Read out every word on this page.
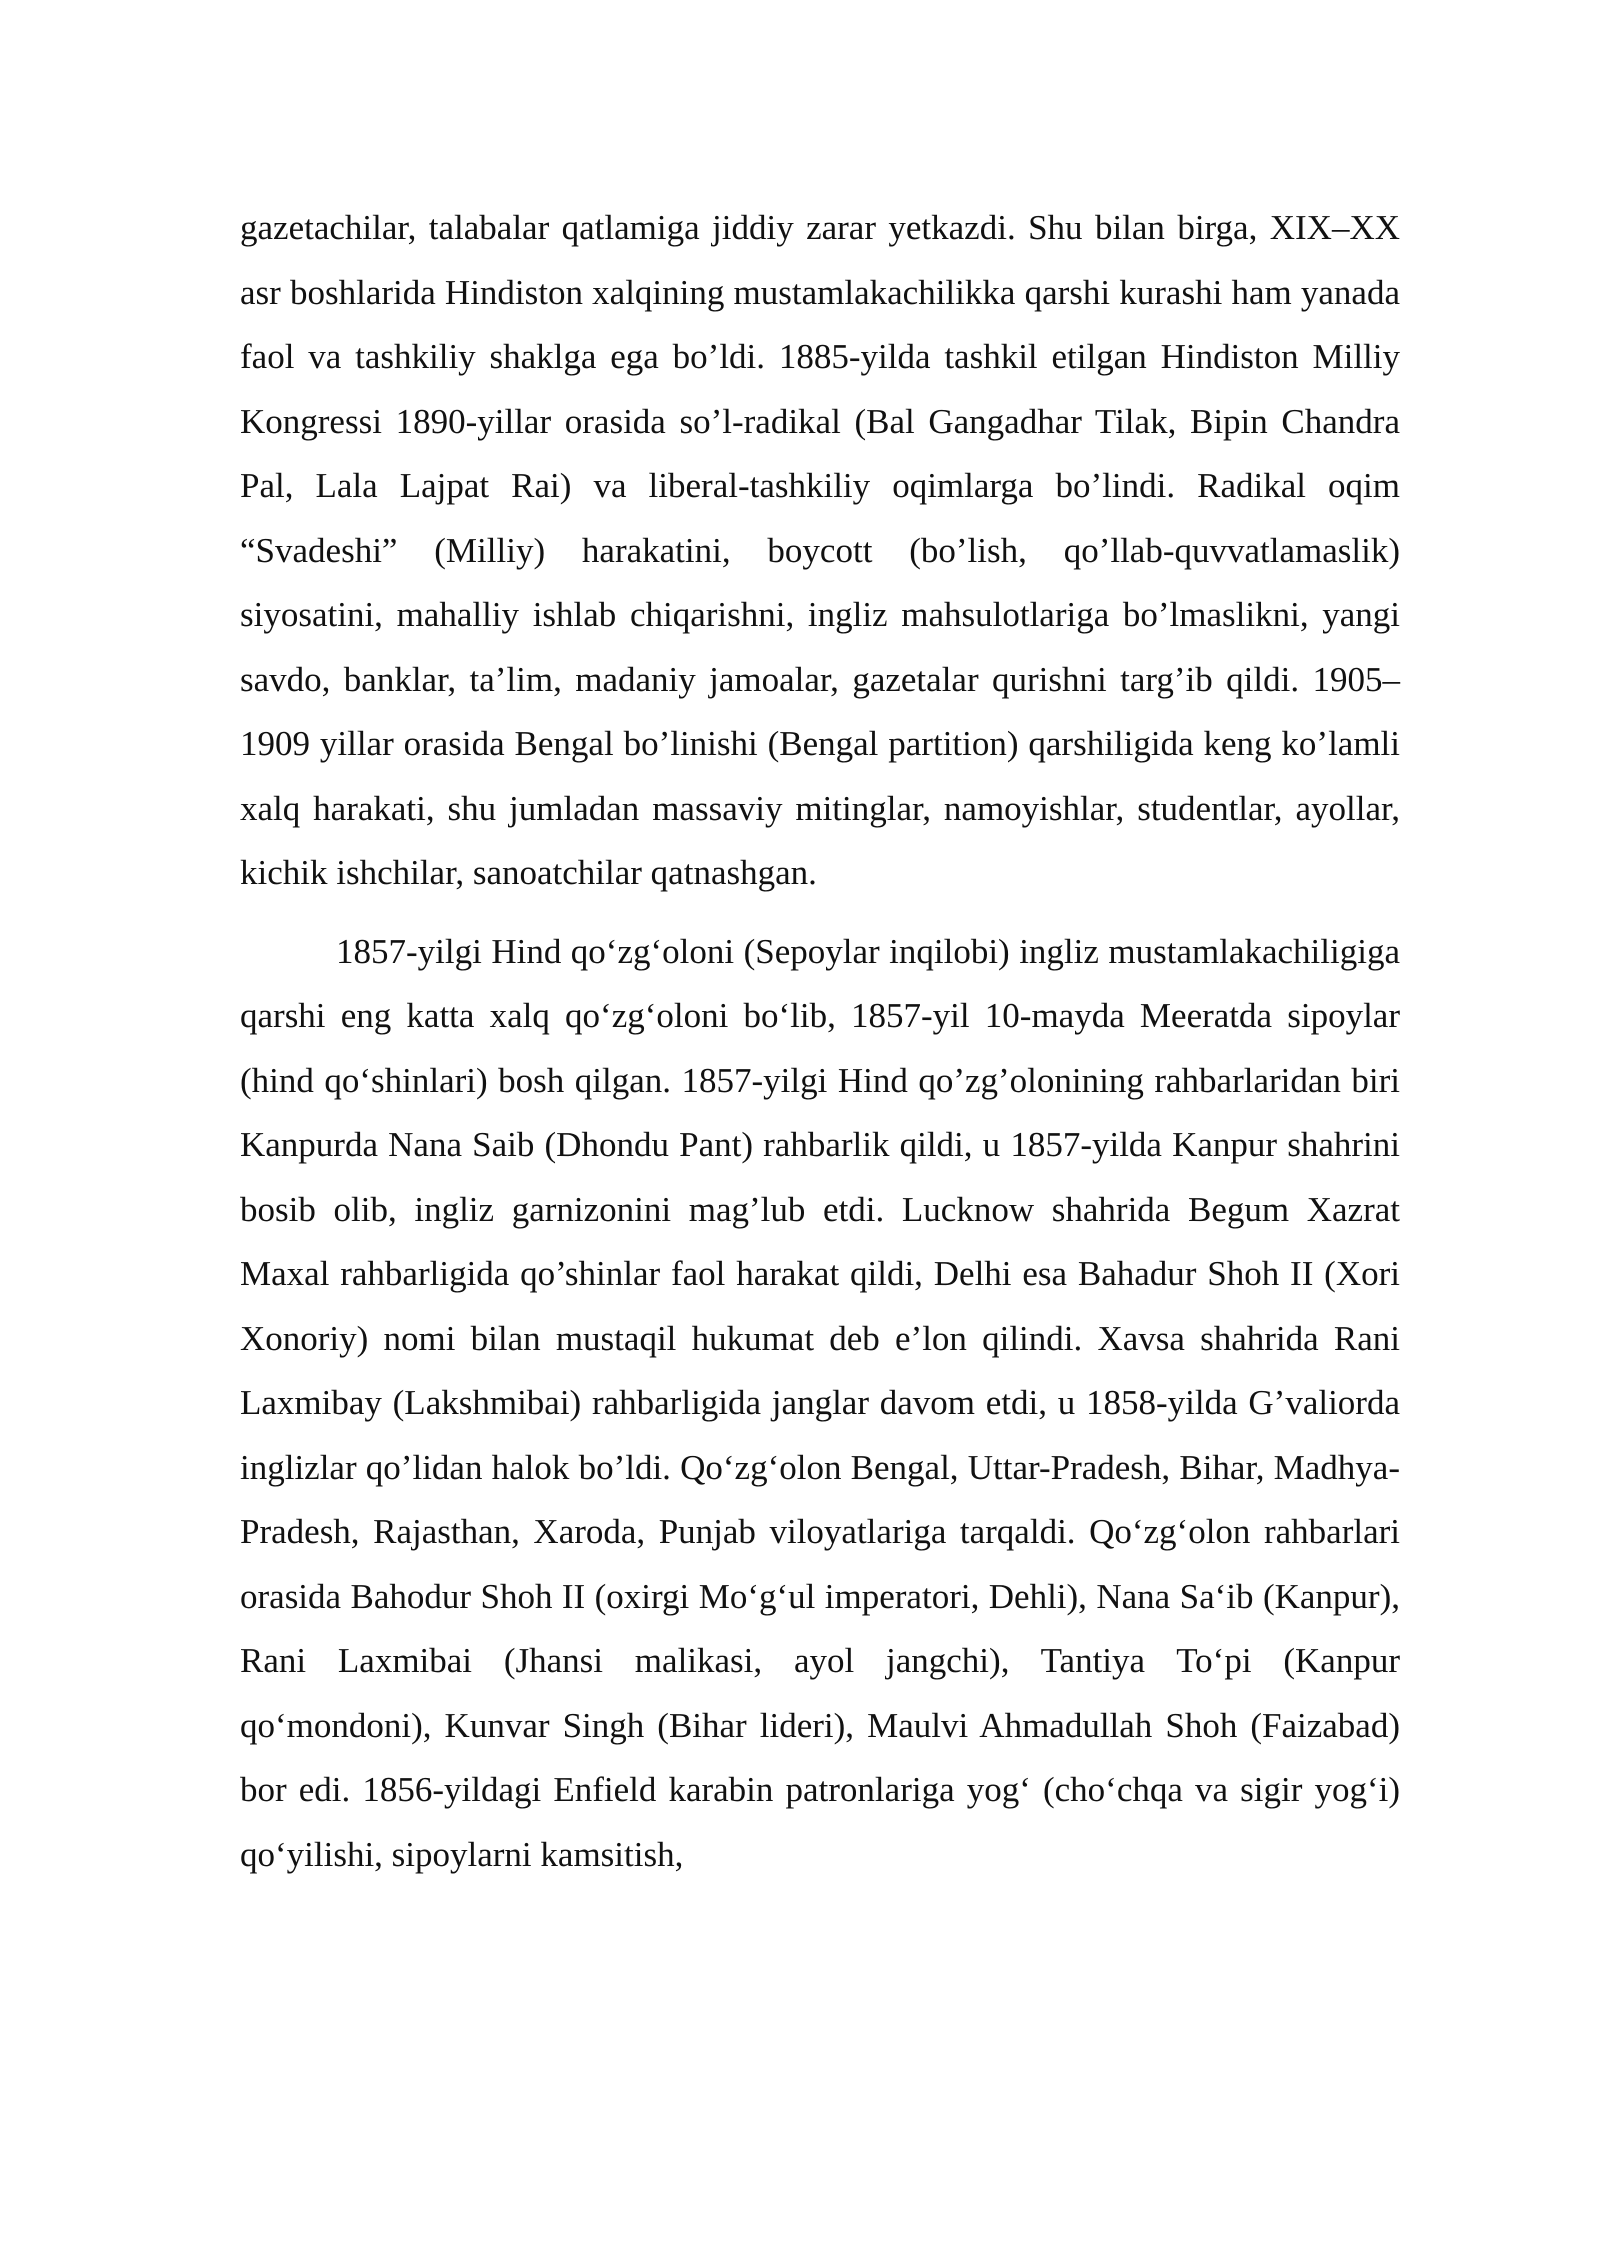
gazetachilar, talabalar qatlamiga jiddiy zarar yetkazdi. Shu bilan birga, XIX–XX asr boshlarida Hindiston xalqining mustamlakachilikka qarshi kurashi ham yanada faol va tashkiliy shaklga ega bo’ldi. 1885-yilda tashkil etilgan Hindiston Milliy Kongressi 1890-yillar orasida so’l-radikal (Bal Gangadhar Tilak, Bipin Chandra Pal, Lala Lajpat Rai) va liberal-tashkiliy oqimlarga bo’lindi. Radikal oqim “Svadeshi” (Milliy) harakatini, boycott (bo’lish, qo’llab-quvvatlamaslik) siyosatini, mahalliy ishlab chiqarishni, ingliz mahsulotlariga bo’lmaslikni, yangi savdo, banklar, ta’lim, madaniy jamoalar, gazetalar qurishni targ’ib qildi. 1905–1909 yillar orasida Bengal bo’linishi (Bengal partition) qarshiligida keng ko’lamli xalq harakati, shu jumladan massaviy mitinglar, namoyishlar, studentlar, ayollar, kichik ishchilar, sanoatchilar qatnashgan.

1857-yilgi Hind qo‘zg‘oloni (Sepoylar inqilobi) ingliz mustamlakachiligiga qarshi eng katta xalq qo‘zg‘oloni bo‘lib, 1857-yil 10-mayda Meeratda sipoylar (hind qo‘shinlari) bosh qilgan. 1857-yilgi Hind qo’zg’olonining rahbarlaridan biri Kanpurda Nana Saib (Dhondu Pant) rahbarlik qildi, u 1857-yilda Kanpur shahrini bosib olib, ingliz garnizonini mag’lub etdi. Lucknow shahrida Begum Xazrat Maxal rahbarligida qo’shinlar faol harakat qildi, Delhi esa Bahadur Shoh II (Xori Xonoriy) nomi bilan mustaqil hukumat deb e’lon qilindi. Xavsa shahrida Rani Laxmibay (Lakshmibai) rahbarligida janglar davom etdi, u 1858-yilda G’valiorda inglizlar qo’lidan halok bo’ldi. Qo‘zg‘olon Bengal, Uttar-Pradesh, Bihar, Madhya-Pradesh, Rajasthan, Xaroda, Punjab viloyatlariga tarqaldi. Qo‘zg‘olon rahbarlari orasida Bahodur Shoh II (oxirgi Mo‘g‘ul imperatori, Dehli), Nana Sa‘ib (Kanpur), Rani Laxmibai (Jhansi malikasi, ayol jangchi), Tantiya To‘pi (Kanpur qo‘mondoni), Kunvar Singh (Bihar lideri), Maulvi Ahmadullah Shoh (Faizabad) bor edi. 1856-yildagi Enfield karabin patronlariga yog‘ (cho‘chqa va sigir yog‘i) qo‘yilishi, sipoylarni kamsitish,
